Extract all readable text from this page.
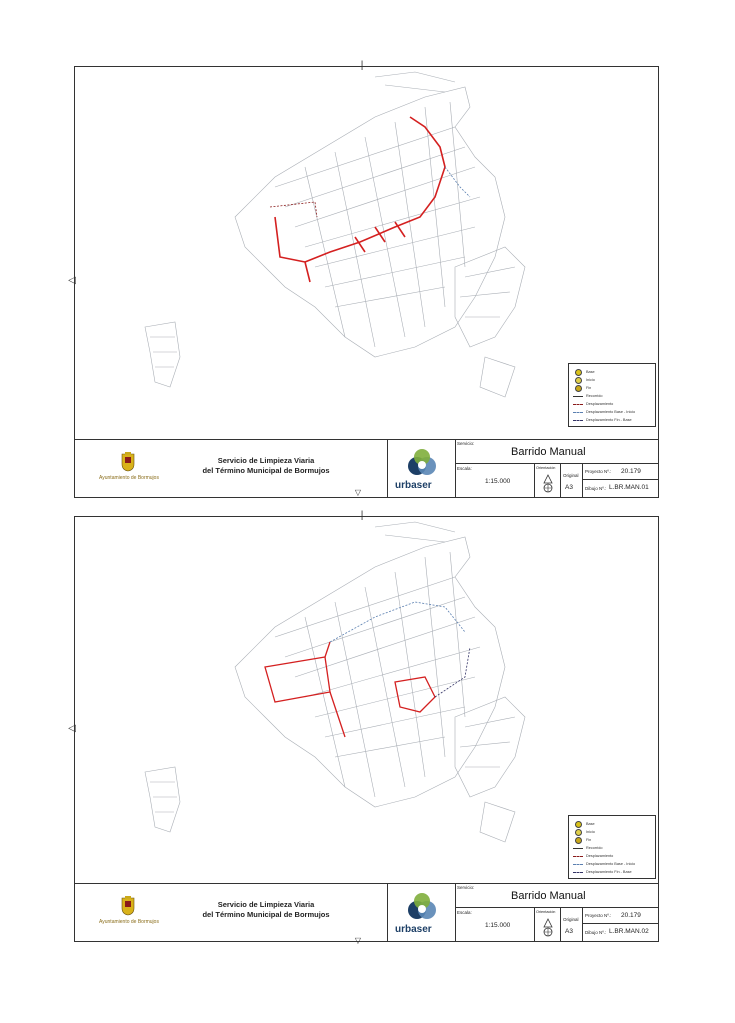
|
Base
Inicio
Fin
Recorrido
Desplazamiento
Desplazamiento Base - Inicio
Desplazamiento Fin - Base
Ayuntamiento de Bormujos
Servicio de Limpieza Viaria
del Término Municipal de Bormujos
urbaser
Servicio:
Barrido Manual
Escala:
1:15.000
Orientación
Original
A3
Proyecto Nº.: 20.179
Dibujo Nº.: L.BR.MAN.01
|
Base
Inicio
Fin
Recorrido
Desplazamiento
Desplazamiento Base - Inicio
Desplazamiento Fin - Base
Ayuntamiento de Bormujos
Servicio de Limpieza Viaria
del Término Municipal de Bormujos
urbaser
Servicio:
Barrido Manual
Escala:
1:15.000
Orientación
Original
A3
Proyecto Nº.: 20.179
Dibujo Nº.: L.BR.MAN.02
◁
◁
▽
▽
